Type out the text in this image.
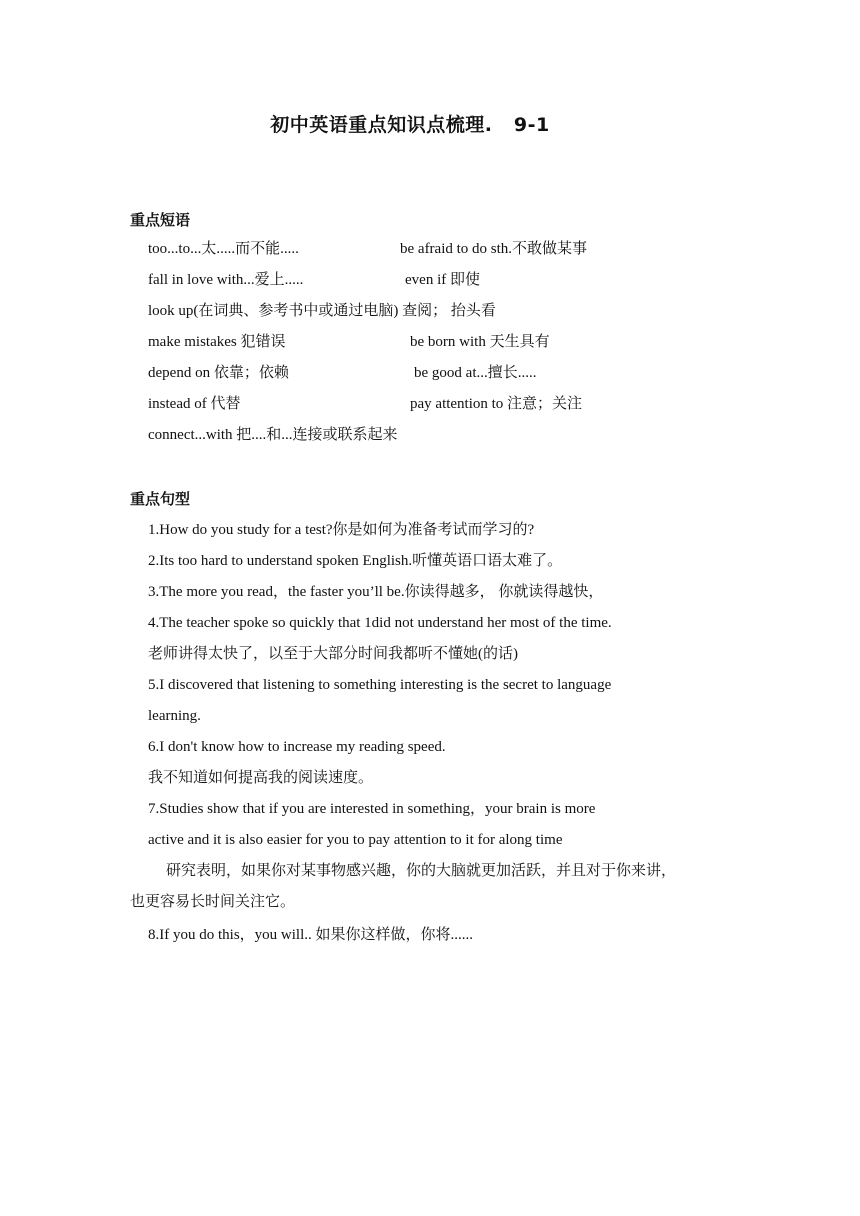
初中英语重点知识点梳理.   9-1
重点短语
too...to...太.....而不能.....	be afraid to do sth.不敢做某事
fall in love with...爱上.....	even if 即使
look up(在词典、参考书中或通过电脑) 查阅； 抬头看
make mistakes 犯错误	be born with 天生具有
depend on 依靠；依赖	be good at...擅长.....
instead of 代替	pay attention to 注意；关注
connect...with 把....和...连接或联系起来
重点句型
1.How do you study for a test?你是如何为准备考试而学习的?
2.Its too hard to understand spoken English.听懂英语口语太难了。
3.The more you read，the faster you’ll be.你读得越多， 你就读得越快，
4.The teacher spoke so quickly that 1did not understand her most of the time.
老师讲得太快了，以至于大部分时间我都听不懂她(的话)
5.I discovered that listening to something interesting is the secret to language
learning.
6.I don't know how to increase my reading speed.
我不知道如何提高我的阅读速度。
7.Studies show that if you are interested in something，your brain is more
active and it is also easier for you to pay attention to it for along time
研究表明，如果你对某事物感兴趣，你的大脑就更加活跃，并且对于你来讲，
也更容易长时间关注它。
8.If you do this，you will.. 如果你这样做，你将......
